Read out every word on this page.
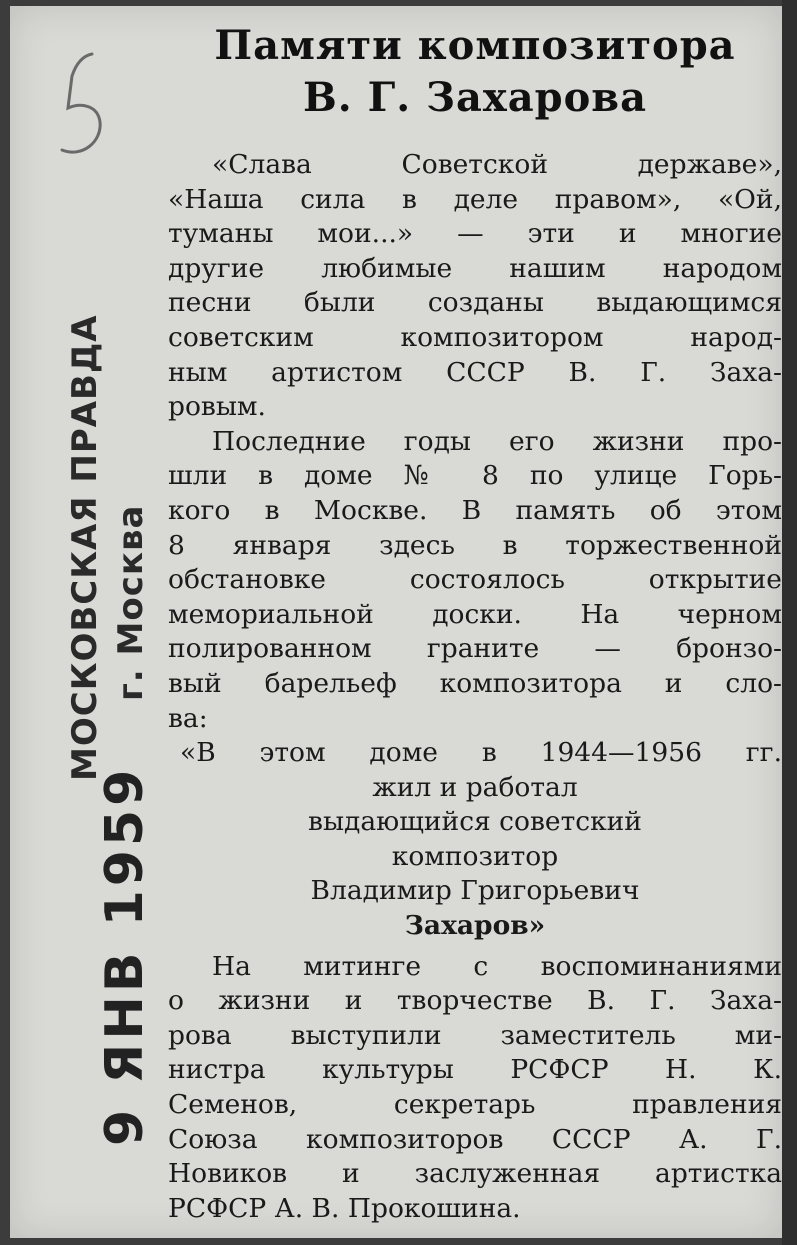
МОСКОВСКАЯ ПРАВДА г. Москва
9 ЯНВ 1959
Памяти композитора
В. Г. Захарова

«Слава Советской державе»,
«Наша сила в деле правом», «Ой,
туманы мои...» — эти и многие
другие любимые нашим народом
песни были созданы выдающимся
советским композитором народ-
ным артистом СССР В. Г. Заха-
ровым.

Последние годы его жизни про-
шли в доме № 8 по улице Горь-
кого в Москве. В память об этом
8 января здесь в торжественной
обстановке состоялось открытие
мемориальной доски. На черном
полированном граните — бронзо-
вый барельеф композитора и сло-
ва:

«В этом доме в 1944—1956 гг.
жил и работал
выдающийся советский
композитор
Владимир Григорьевич
Захаров»

На митинге с воспоминаниями
о жизни и творчестве В. Г. Заха-
рова выступили заместитель ми-
нистра культуры РСФСР Н. К.
Семенов, секретарь правления
Союза композиторов СССР А. Г.
Новиков и заслуженная артистка
РСФСР А. В. Прокошина.
